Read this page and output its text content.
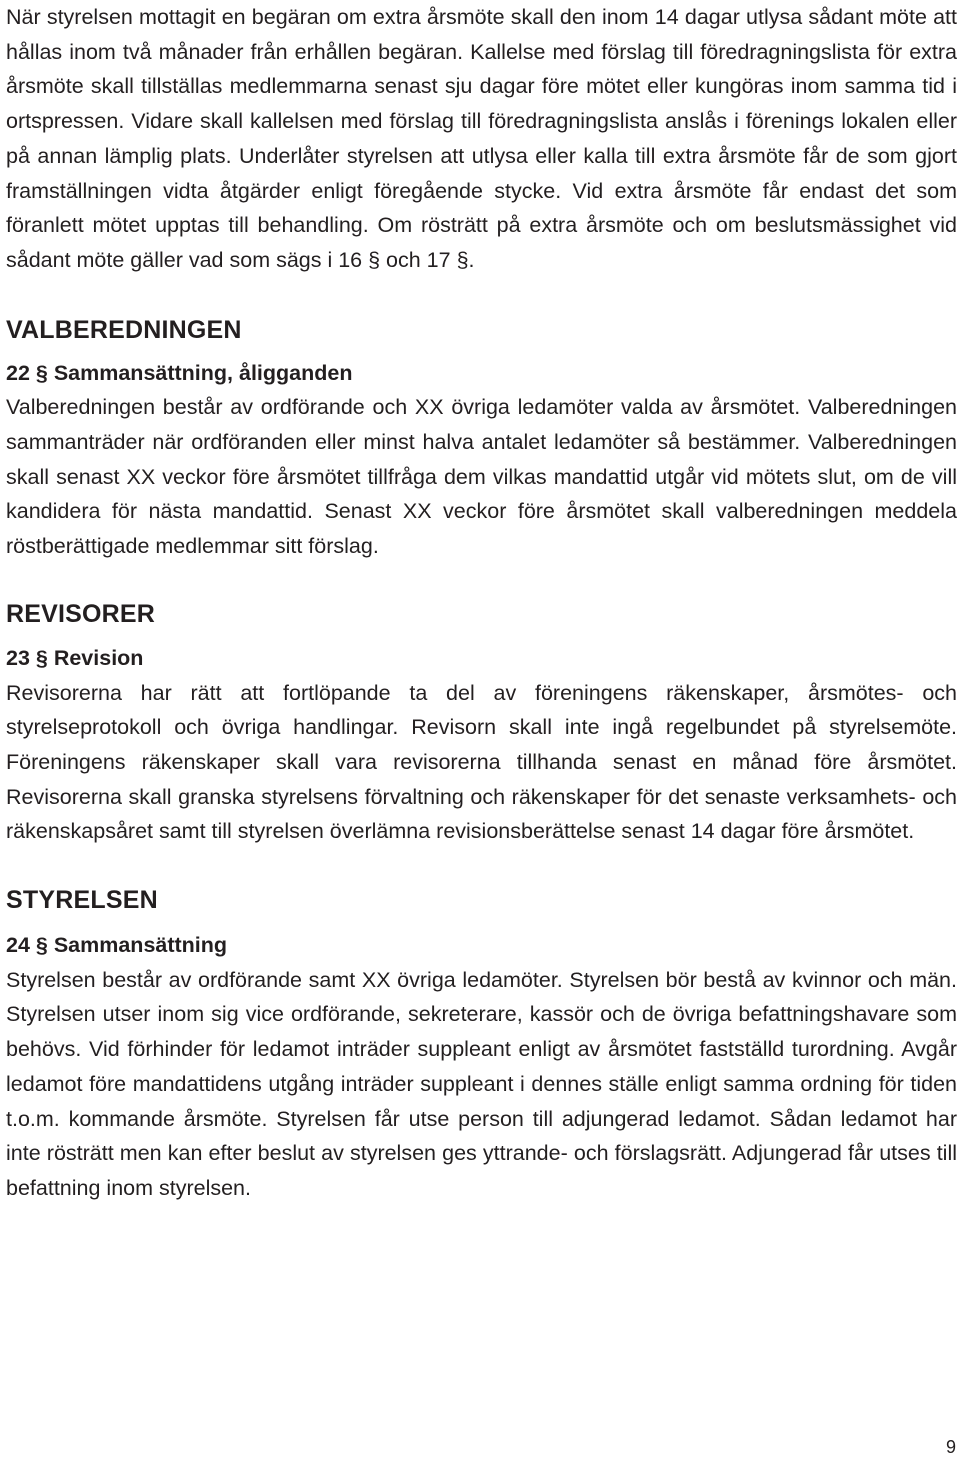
När styrelsen mottagit en begäran om extra årsmöte skall den inom 14 dagar utlysa sådant möte att hållas inom två månader från erhållen begäran. Kallelse med förslag till föredragningslista för extra årsmöte skall tillställas medlemmarna senast sju dagar före mötet eller kungöras inom samma tid i ortspressen. Vidare skall kallelsen med förslag till föredragningslista anslås i förenings lokalen eller på annan lämplig plats. Underlåter styrelsen att utlysa eller kalla till extra årsmöte får de som gjort framställningen vidta åtgärder enligt föregående stycke. Vid extra årsmöte får endast det som föranlett mötet upptas till behandling. Om rösträtt på extra årsmöte och om beslutsmässighet vid sådant möte gäller vad som sägs i 16 § och 17 §.

VALBEREDNINGEN
22 § Sammansättning, åligganden

Valberedningen består av ordförande och XX övriga ledamöter valda av årsmötet. Valberedningen sammanträder när ordföranden eller minst halva antalet ledamöter så bestämmer. Valberedningen skall senast XX veckor före årsmötet tillfråga dem vilkas mandattid utgår vid mötets slut, om de vill kandidera för nästa mandattid. Senast XX veckor före årsmötet skall valberedningen meddela röstberättigade medlemmar sitt förslag.

REVISORER
23 § Revision

Revisorerna har rätt att fortlöpande ta del av föreningens räkenskaper, årsmötes- och styrelseprotokoll och övriga handlingar. Revisorn skall inte ingå regelbundet på styrelsemöte. Föreningens räkenskaper skall vara revisorerna tillhanda senast en månad före årsmötet. Revisorerna skall granska styrelsens förvaltning och räkenskaper för det senaste verksamhets- och räkenskapsåret samt till styrelsen överlämna revisionsberättelse senast 14 dagar före årsmötet.

STYRELSEN
24 § Sammansättning

Styrelsen består av ordförande samt XX övriga ledamöter. Styrelsen bör bestå av kvinnor och män. Styrelsen utser inom sig vice ordförande, sekreterare, kassör och de övriga befattningshavare som behövs. Vid förhinder för ledamot inträder suppleant enligt av årsmötet fastställd turordning. Avgår ledamot före mandattidens utgång inträder suppleant i dennes ställe enligt samma ordning för tiden t.o.m. kommande årsmöte. Styrelsen får utse person till adjungerad ledamot. Sådan ledamot har inte rösträtt men kan efter beslut av styrelsen ges yttrande- och förslagsrätt. Adjungerad får utses till befattning inom styrelsen.

9
